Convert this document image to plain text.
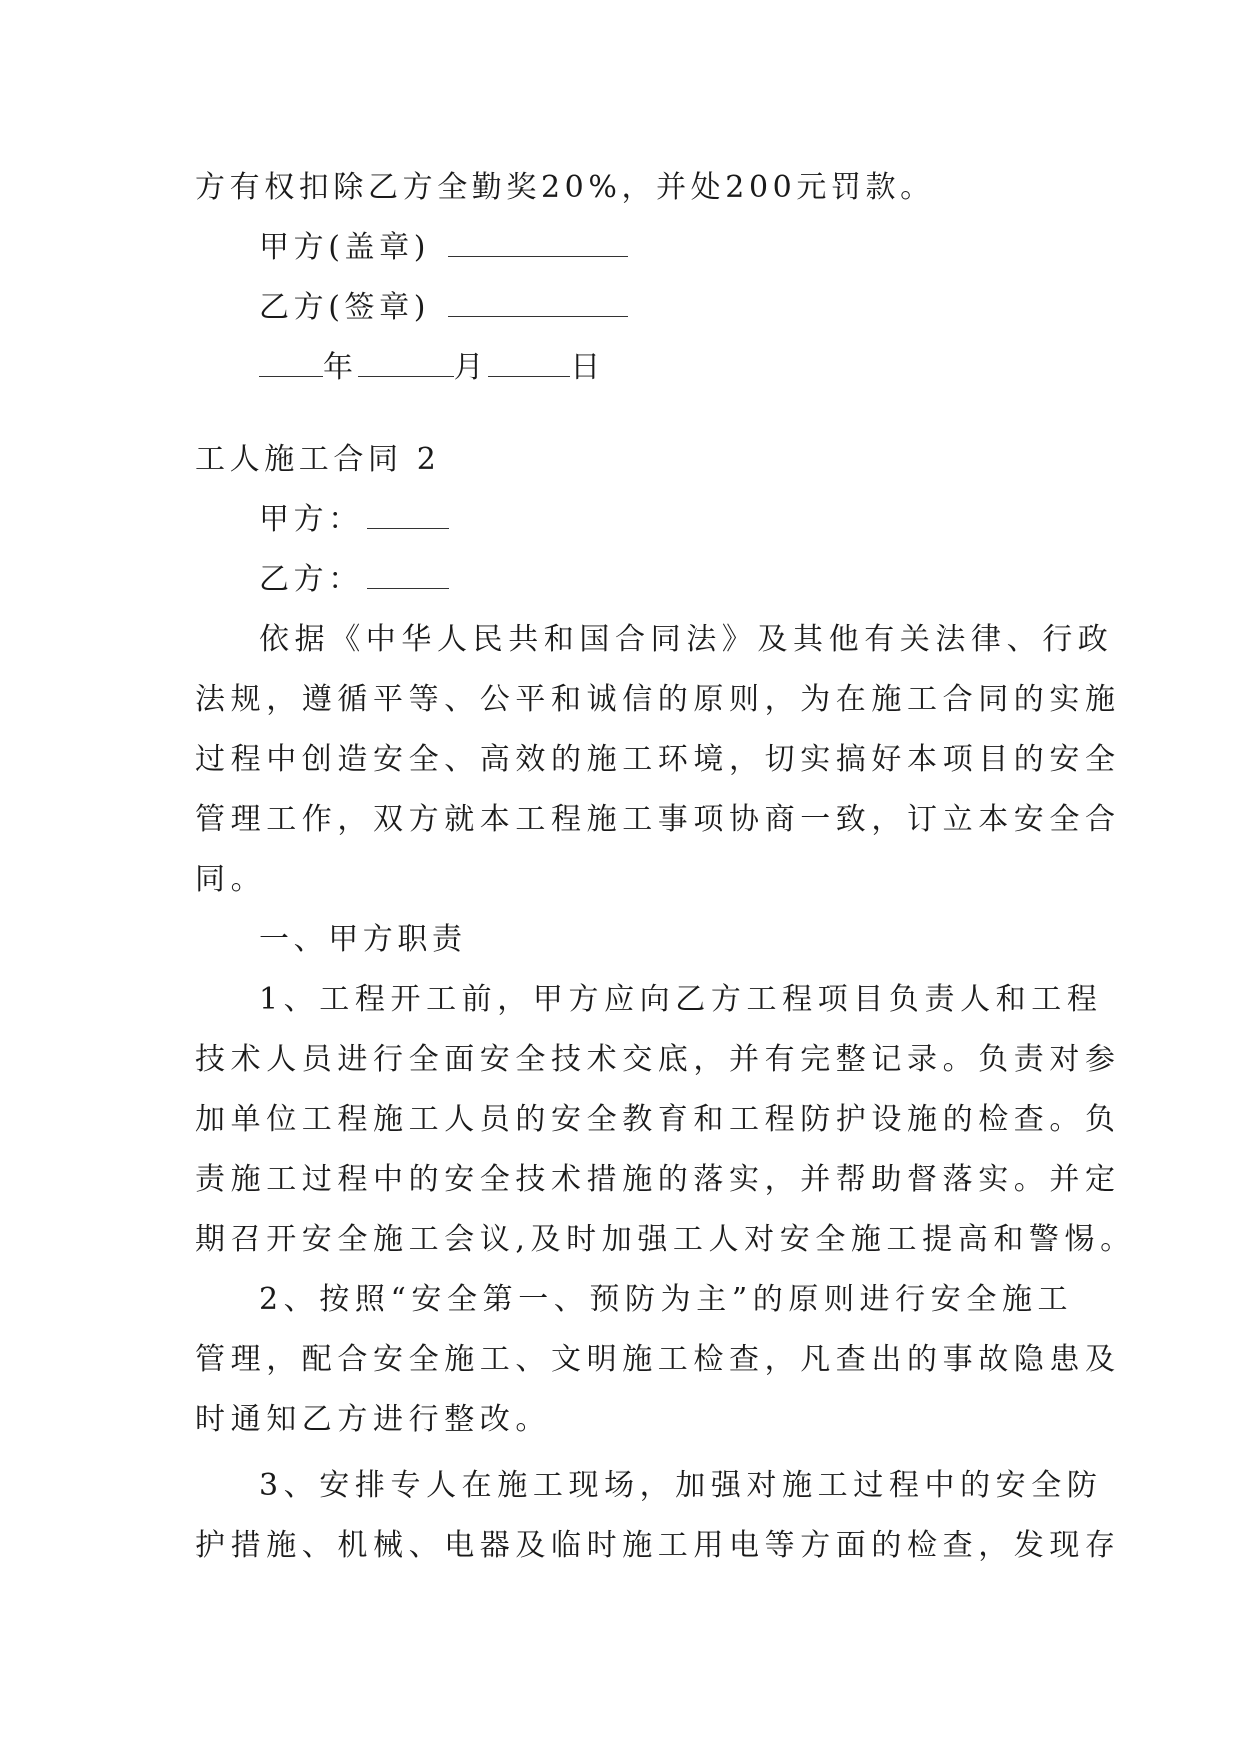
方有权扣除乙方全勤奖20%，并处200元罚款。
甲方(盖章)
乙方(签章)
年	月	日
工人施工合同 2
甲方：
乙方：
依据《中华人民共和国合同法》及其他有关法律、行政
法规，遵循平等、公平和诚信的原则，为在施工合同的实施
过程中创造安全、高效的施工环境，切实搞好本项目的安全
管理工作，双方就本工程施工事项协商一致，订立本安全合
同。
一、甲方职责
1、工程开工前，甲方应向乙方工程项目负责人和工程
技术人员进行全面安全技术交底，并有完整记录。负责对参
加单位工程施工人员的安全教育和工程防护设施的检查。负
责施工过程中的安全技术措施的落实，并帮助督落实。并定
期召开安全施工会议,及时加强工人对安全施工提高和警惕。
2、按照“安全第一、预防为主”的原则进行安全施工
管理，配合安全施工、文明施工检查，凡查出的事故隐患及
时通知乙方进行整改。
3、安排专人在施工现场，加强对施工过程中的安全防
护措施、机械、电器及临时施工用电等方面的检查，发现存
